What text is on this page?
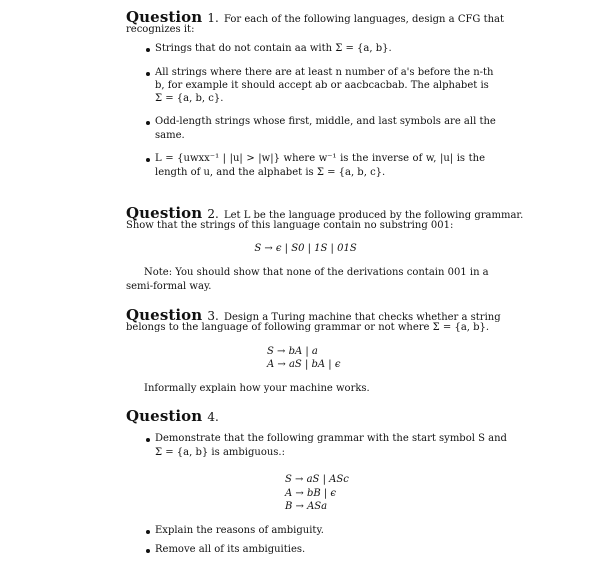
Question 1. For each of the following languages, design a CFG that
recognizes it:
Strings that do not contain aa with Σ = {a, b}.
All strings where there are at least n number of a's before the n-th
b, for example it should accept ab or aacbcacbab. The alphabet is
Σ = {a, b, c}.
Odd-length strings whose first, middle, and last symbols are all the
same.
L = {uwxx⁻¹ | |u| > |w|} where w⁻¹ is the inverse of w, |u| is the
length of u, and the alphabet is Σ = {a, b, c}.
Question 2. Let L be the language produced by the following grammar.
Show that the strings of this language contain no substring 001:
S → ϵ | S0 | 1S | 01S
Note: You should show that none of the derivations contain 001 in a
semi-formal way.
Question 3. Design a Turing machine that checks whether a string
belongs to the language of following grammar or not where Σ = {a, b}.
S → bA | a
A → aS | bA | ϵ
Informally explain how your machine works.
Question 4.
Demonstrate that the following grammar with the start symbol S and
Σ = {a, b} is ambiguous.:
S → aS | ASc
A → bB | ϵ
B → ASa
Explain the reasons of ambiguity.
Remove all of its ambiguities.
